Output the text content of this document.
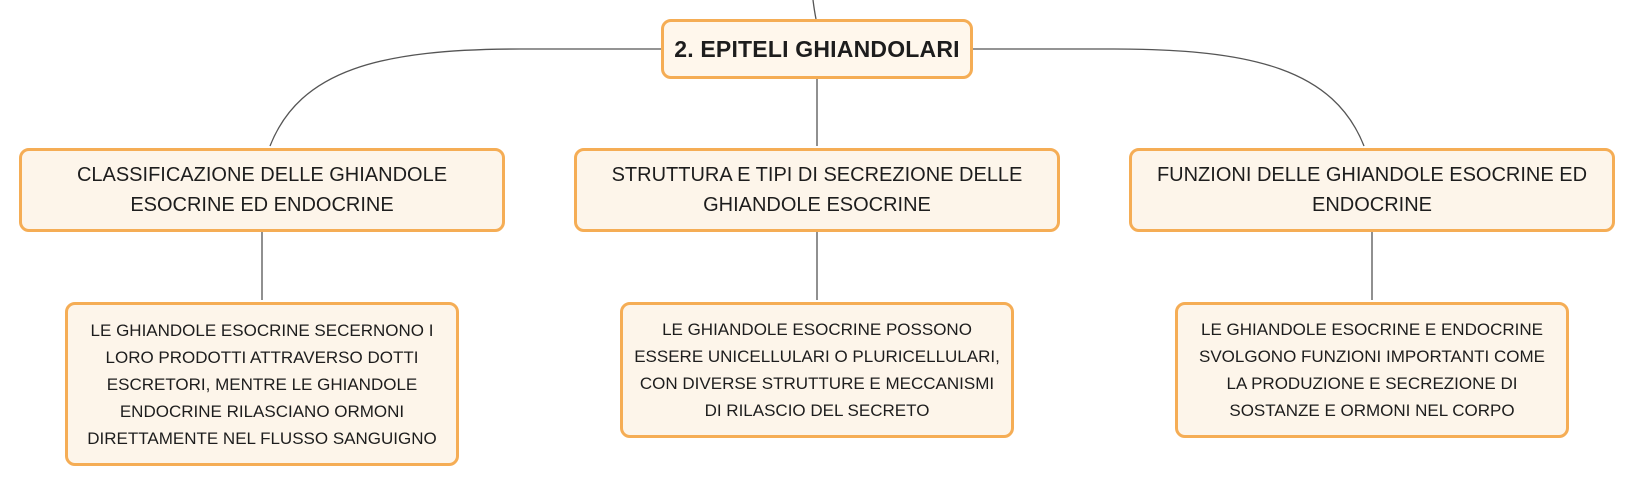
2. EPITELI GHIANDOLARI
CLASSIFICAZIONE DELLE GHIANDOLE ESOCRINE ED ENDOCRINE
STRUTTURA E TIPI DI SECREZIONE DELLE GHIANDOLE ESOCRINE
FUNZIONI DELLE GHIANDOLE ESOCRINE ED ENDOCRINE
LE GHIANDOLE ESOCRINE SECERNONO I LORO PRODOTTI ATTRAVERSO DOTTI ESCRETORI, MENTRE LE GHIANDOLE ENDOCRINE RILASCIANO ORMONI DIRETTAMENTE NEL FLUSSO SANGUIGNO
LE GHIANDOLE ESOCRINE POSSONO ESSERE UNICELLULARI O PLURICELLULARI, CON DIVERSE STRUTTURE E MECCANISMI DI RILASCIO DEL SECRETO
LE GHIANDOLE ESOCRINE E ENDOCRINE SVOLGONO FUNZIONI IMPORTANTI COME LA PRODUZIONE E SECREZIONE DI SOSTANZE E ORMONI NEL CORPO
